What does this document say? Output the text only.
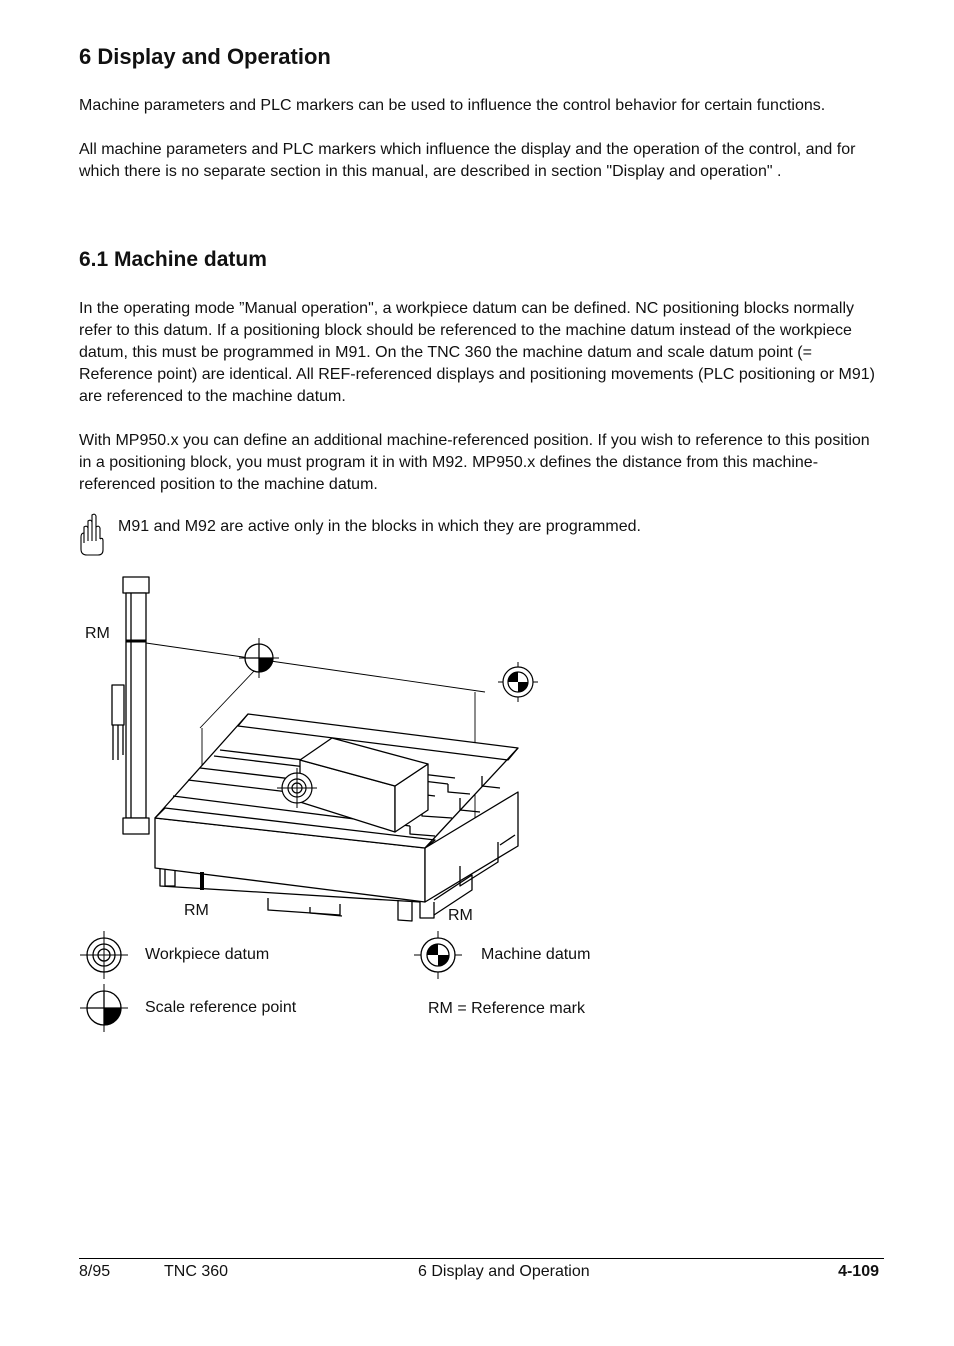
6 Display and Operation

Machine parameters and PLC markers can be used to influence the control behavior for certain functions.

All machine parameters and PLC markers which influence the display and the operation of the control, and for which there is no separate section in this manual, are described in section "Display and operation" .

6.1 Machine datum

In the operating mode ”Manual operation", a workpiece datum can be defined. NC positioning blocks normally refer to this datum. If a positioning block should be referenced to the machine datum instead of the workpiece datum, this must be programmed in M91. On the TNC 360 the machine datum and scale datum point (= Reference point) are identical. All REF-referenced displays and positioning movements (PLC positioning or M91) are referenced to the machine datum.

With MP950.x you can define an additional machine-referenced position. If you wish to reference to this position in a positioning block, you must program it in with M92. MP950.x defines the distance from this machine-referenced position to the machine datum.

M91 and M92 are active only in the blocks in which they are programmed.
RM
RM	RM
Workpiece datum	Machine datum
Scale reference point	RM = Reference mark
8/95	TNC 360	6 Display and Operation	4-109
